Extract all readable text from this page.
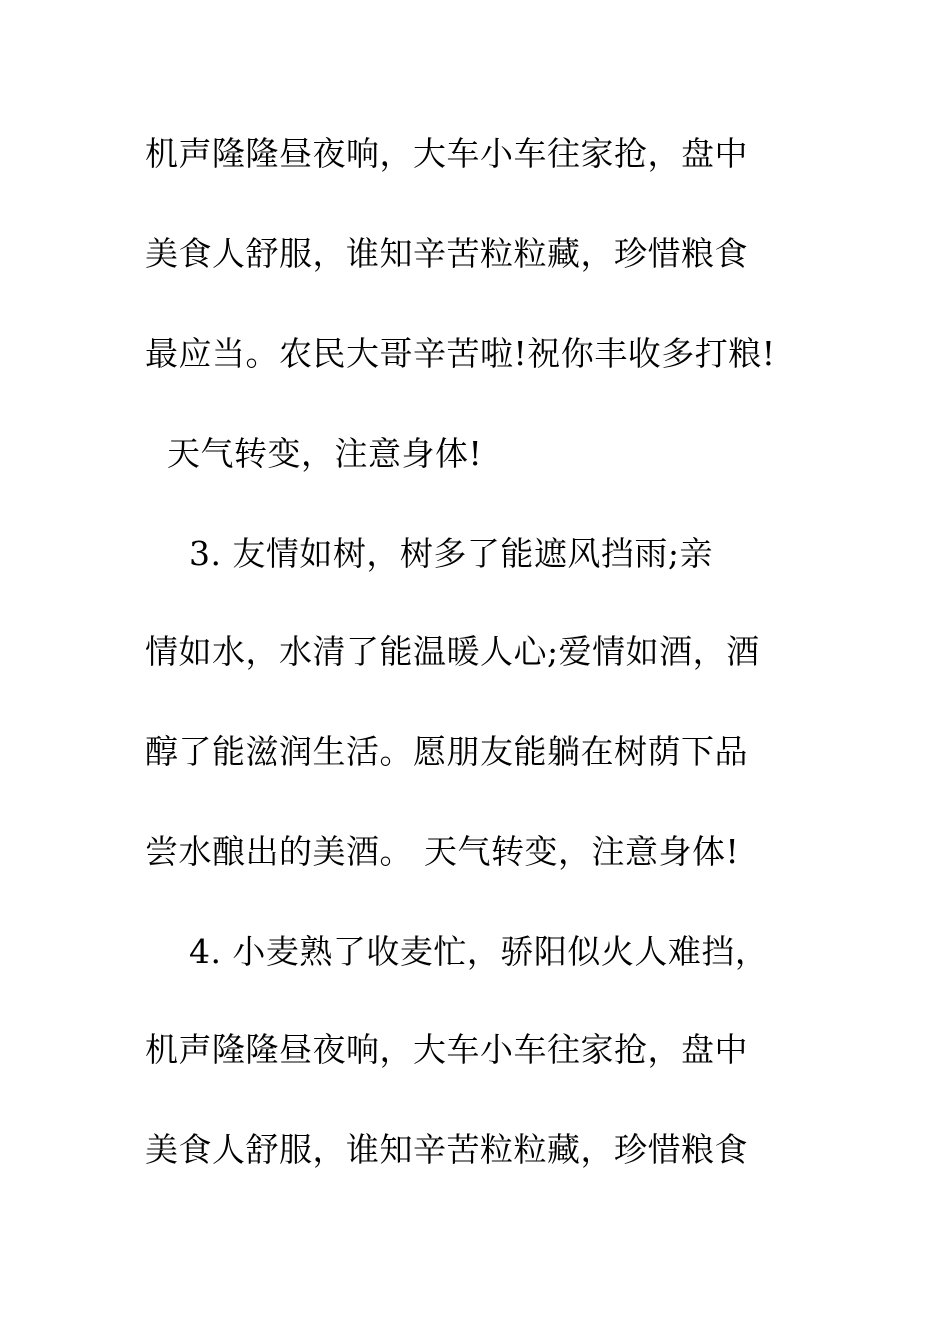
机声隆隆昼夜响，大车小车往家抢，盘中

美食人舒服，谁知辛苦粒粒藏，珍惜粮食

最应当。农民大哥辛苦啦!祝你丰收多打粮!

天气转变，注意身体!

3. 友情如树，树多了能遮风挡雨;亲

情如水，水清了能温暖人心;爱情如酒，酒

醇了能滋润生活。愿朋友能躺在树荫下品

尝水酿出的美酒。 天气转变，注意身体!

4. 小麦熟了收麦忙，骄阳似火人难挡，

机声隆隆昼夜响，大车小车往家抢，盘中

美食人舒服，谁知辛苦粒粒藏，珍惜粮食
